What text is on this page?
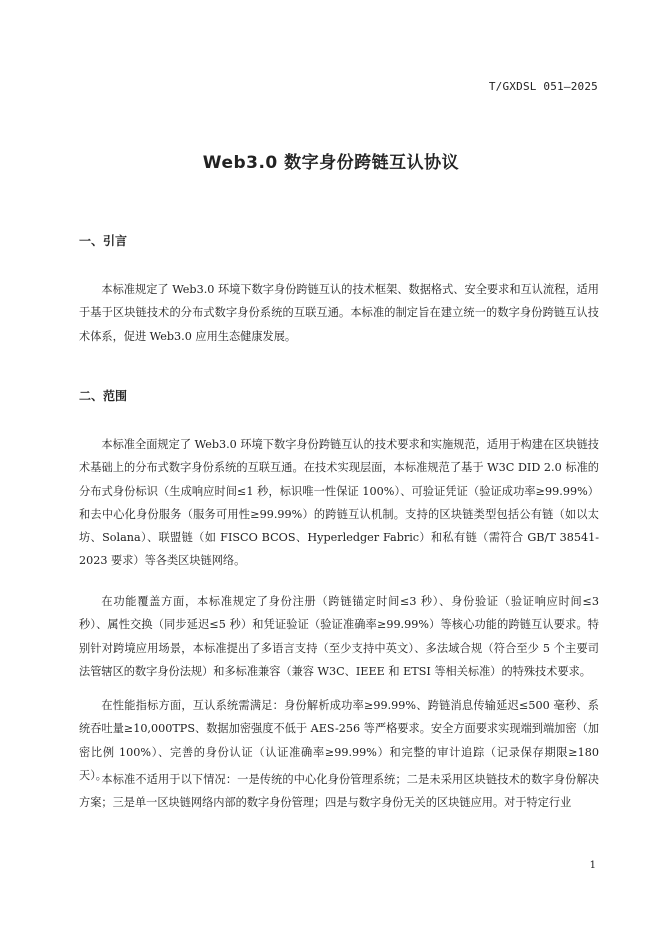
T/GXDSL 051—2025
Web3.0 数字身份跨链互认协议
一、引言

本标准规定了 Web3.0 环境下数字身份跨链互认的技术框架、数据格式、安全要求和互认流程，适用于基于区块链技术的分布式数字身份系统的互联互通。本标准的制定旨在建立统一的数字身份跨链互认技术体系，促进 Web3.0 应用生态健康发展。

二、范围

本标准全面规定了 Web3.0 环境下数字身份跨链互认的技术要求和实施规范，适用于构建在区块链技术基础上的分布式数字身份系统的互联互通。在技术实现层面，本标准规范了基于 W3C DID 2.0 标准的分布式身份标识（生成响应时间≤1 秒，标识唯一性保证 100%）、可验证凭证（验证成功率≥99.99%）和去中心化身份服务（服务可用性≥99.99%）的跨链互认机制。支持的区块链类型包括公有链（如以太坊、Solana）、联盟链（如 FISCO BCOS、Hyperledger Fabric）和私有链（需符合 GB/T 38541-2023 要求）等各类区块链网络。

在功能覆盖方面，本标准规定了身份注册（跨链锚定时间≤3 秒）、身份验证（验证响应时间≤3 秒）、属性交换（同步延迟≤5 秒）和凭证验证（验证准确率≥99.99%）等核心功能的跨链互认要求。特别针对跨境应用场景，本标准提出了多语言支持（至少支持中英文）、多法域合规（符合至少 5 个主要司法管辖区的数字身份法规）和多标准兼容（兼容 W3C、IEEE 和 ETSI 等相关标准）的特殊技术要求。

在性能指标方面，互认系统需满足：身份解析成功率≥99.99%、跨链消息传输延迟≤500 毫秒、系统吞吐量≥10,000TPS、数据加密强度不低于 AES-256 等严格要求。安全方面要求实现端到端加密（加密比例 100%）、完善的身份认证（认证准确率≥99.99%）和完整的审计追踪（记录保存期限≥180 天）。

本标准不适用于以下情况：一是传统的中心化身份管理系统；二是未采用区块链技术的数字身份解决方案；三是单一区块链网络内部的数字身份管理；四是与数字身份无关的区块链应用。对于特定行业

1
